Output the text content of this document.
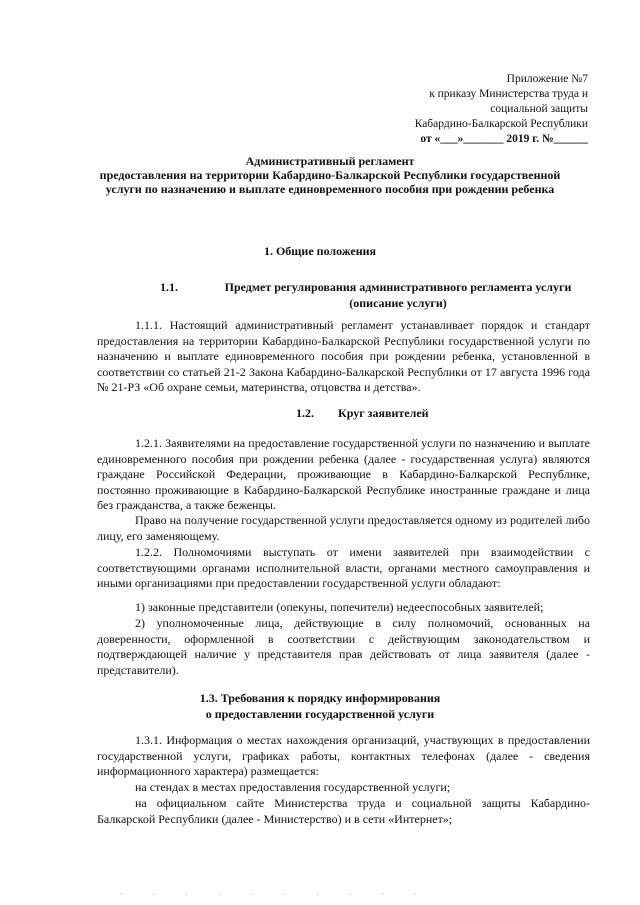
Приложение №7
к приказу Министерства труда и
социальной защиты
Кабардино-Балкарской Республики
от «___»_______ 2019 г. №______
Административный регламент
предоставления на территории Кабардино-Балкарской Республики государственной
услуги по назначению и выплате единовременного пособия при рождении ребенка
1. Общие положения
1.1.	Предмет регулирования административного регламента услуги
(описание услуги)
1.1.1. Настоящий административный регламент устанавливает порядок и стандарт предоставления на территории Кабардино-Балкарской Республики государственной услуги по назначению и выплате единовременного пособия при рождении ребенка, установленной в соответствии со статьей 21-2 Закона Кабардино-Балкарской Республики от 17 августа 1996 года № 21-РЗ «Об охране семьи, материнства, отцовства и детства».
1.2. Круг заявителей
1.2.1. Заявителями на предоставление государственной услуги по назначению и выплате единовременного пособия при рождении ребенка (далее - государственная услуга) являются граждане Российской Федерации, проживающие в Кабардино-Балкарской Республике, постоянно проживающие в Кабардино-Балкарской Республике иностранные граждане и лица без гражданства, а также беженцы.
Право на получение государственной услуги предоставляется одному из родителей либо лицу, его заменяющему.
1.2.2. Полномочиями выступать от имени заявителей при взаимодействии с соответствующими органами исполнительной власти, органами местного самоуправления и иными организациями при предоставлении государственной услуги обладают:
1) законные представители (опекуны, попечители) недееспособных заявителей;
2) уполномоченные лица, действующие в силу полномочий, основанных на доверенности, оформленной в соответствии с действующим законодательством и подтверждающей наличие у представителя прав действовать от лица заявителя (далее - представители).
1.3. Требования к порядку информирования
о предоставлении государственной услуги
1.3.1. Информация о местах нахождения организаций, участвующих в предоставлении государственной услуги, графиках работы, контактных телефонах (далее - сведения информационного характера) размещается:
на стендах в местах предоставления государственной услуги;
на официальном сайте Министерства труда и социальной защиты Кабардино-Балкарской Республики (далее - Министерство) и в сети «Интернет»;
· · · · · · · · · ·
